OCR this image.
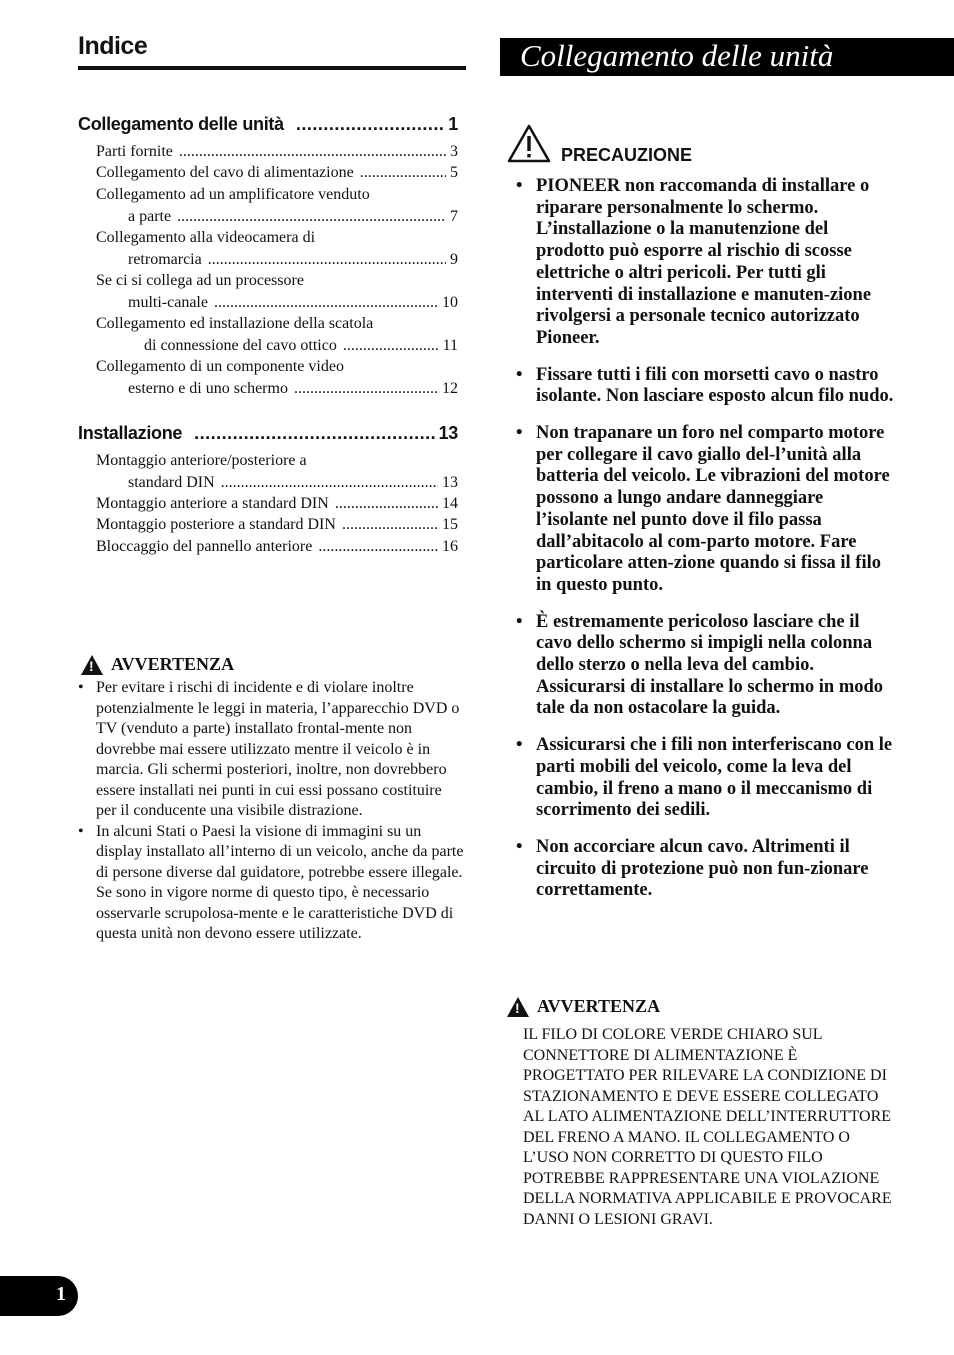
Indice
Collegamento delle unità .....	1
Parti fornite .....	3
Collegamento del cavo di alimentazione .....	5
Collegamento ad un amplificatore venduto
a parte .....	7
Collegamento alla videocamera di
retromarcia .....	9
Se ci si collega ad un processore
multi-canale .....	10
Collegamento ed installazione della scatola
di connessione del cavo ottico .....	11
Collegamento di un componente video
esterno e di uno schermo .....	12
Installazione .....	13
Montaggio anteriore/posteriore a
standard DIN .....	13
Montaggio anteriore a standard DIN .....	14
Montaggio posteriore a standard DIN .....	15
Bloccaggio del pannello anteriore .....	16
!
AVVERTENZA
• Per evitare i rischi di incidente e di violare inoltre potenzialmente le leggi in materia, l’apparecchio DVD o TV (venduto a parte) installato frontal-mente non dovrebbe mai essere utilizzato mentre il veicolo è in marcia. Gli schermi posteriori, inoltre, non dovrebbero essere installati nei punti in cui essi possano costituire per il conducente una visibile distrazione.
• In alcuni Stati o Paesi la visione di immagini su un display installato all’interno di un veicolo, anche da parte di persone diverse dal guidatore, potrebbe essere illegale. Se sono in vigore norme di questo tipo, è necessario osservarle scrupolosa-mente e le caratteristiche DVD di questa unità non devono essere utilizzate.
Collegamento delle unità
PRECAUZIONE
• PIONEER non raccomanda di installare o riparare personalmente lo schermo. L’installazione o la manutenzione del prodotto può esporre al rischio di scosse elettriche o altri pericoli. Per tutti gli interventi di installazione e manuten-zione rivolgersi a personale tecnico autorizzato Pioneer.
• Fissare tutti i fili con morsetti cavo o nastro isolante. Non lasciare esposto alcun filo nudo.
• Non trapanare un foro nel comparto motore per collegare il cavo giallo del-l’unità alla batteria del veicolo. Le vibrazioni del motore possono a lungo andare danneggiare l’isolante nel punto dove il filo passa dall’abitacolo al com-parto motore. Fare particolare atten-zione quando si fissa il filo in questo punto.
• È estremamente pericoloso lasciare che il cavo dello schermo si impigli nella colonna dello sterzo o nella leva del cambio. Assicurarsi di installare lo schermo in modo tale da non ostacolare la guida.
• Assicurarsi che i fili non interferiscano con le parti mobili del veicolo, come la leva del cambio, il freno a mano o il meccanismo di scorrimento dei sedili.
• Non accorciare alcun cavo. Altrimenti il circuito di protezione può non fun-zionare correttamente.
!
AVVERTENZA
IL FILO DI COLORE VERDE CHIARO SUL CONNETTORE DI ALIMENTAZIONE È PROGETTATO PER RILEVARE LA CONDIZIONE DI STAZIONAMENTO E DEVE ESSERE COLLEGATO AL LATO ALIMENTAZIONE DELL’INTERRUTTORE DEL FRENO A MANO. IL COLLEGAMENTO O L’USO NON CORRETTO DI QUESTO FILO POTREBBE RAPPRESENTARE UNA VIOLAZIONE DELLA NORMATIVA APPLICABILE E PROVOCARE DANNI O LESIONI GRAVI.
1
